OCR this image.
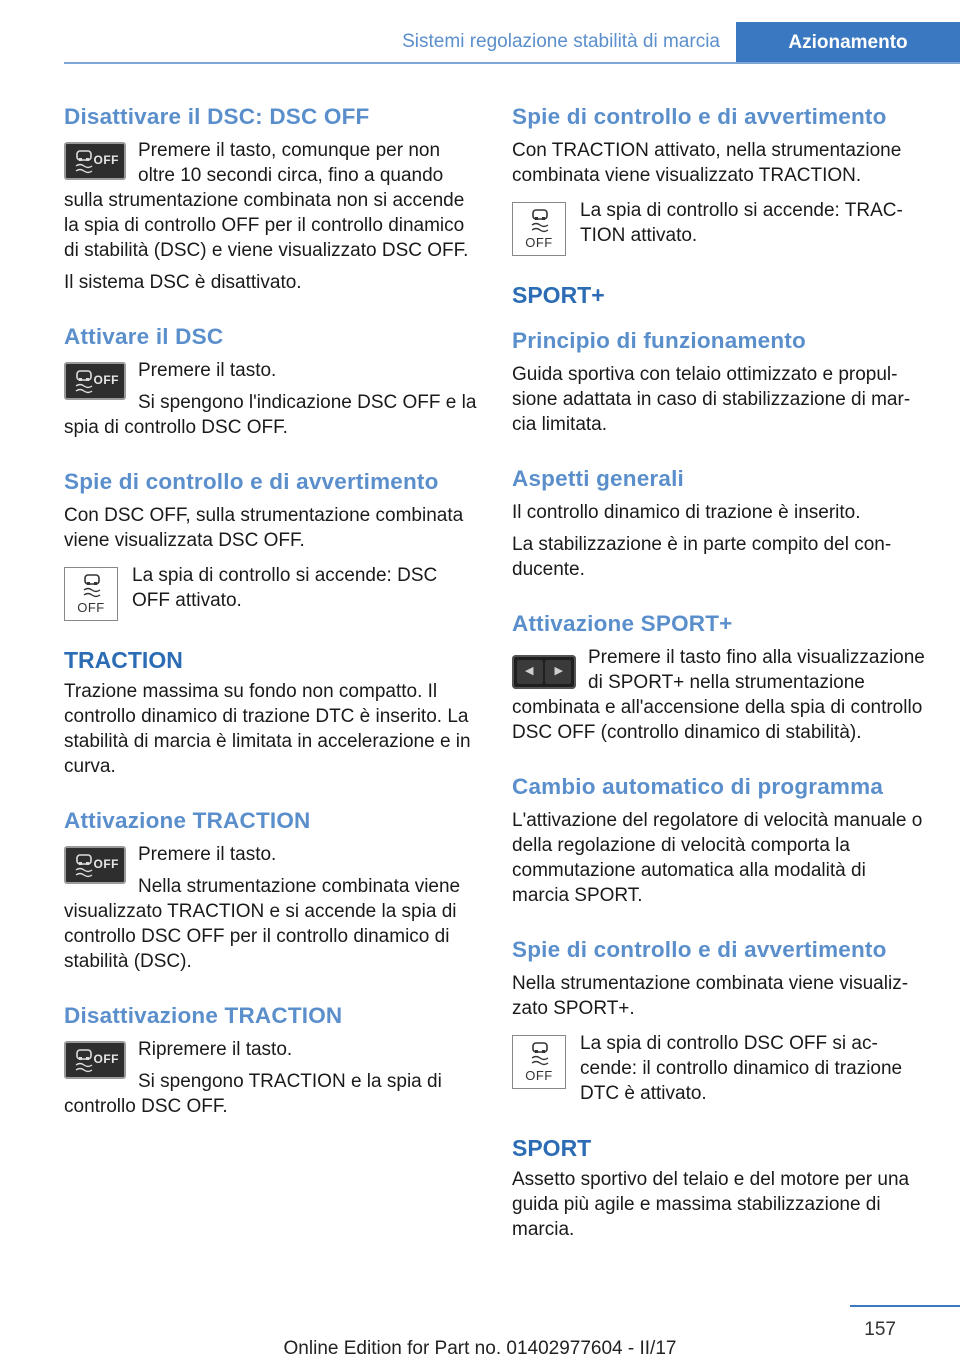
Sistemi regolazione stabilità di marcia	Azionamento
Disattivare il DSC: DSC OFF
OFF	Premere il tasto, comunque per non oltre 10 secondi circa, fino a quando sulla strumentazione combinata non si accende la spia di controllo OFF per il controllo dinamico di stabilità (DSC) e viene visualizzato DSC OFF.

Il sistema DSC è disattivato.

Attivare il DSC
OFF	Premere il tasto.

Si spengono l'indicazione DSC OFF e la spia di controllo DSC OFF.

Spie di controllo e di avvertimento

Con DSC OFF, sulla strumentazione combinata viene visualizzata DSC OFF.

OFF

La spia di controllo si accende: DSC OFF attivato.

TRACTION

Trazione massima su fondo non compatto. Il controllo dinamico di trazione DTC è inserito. La stabilità di marcia è limitata in accelerazione e in curva.

Attivazione TRACTION
OFF	Premere il tasto.

Nella strumentazione combinata viene visualizzato TRACTION e si accende la spia di controllo DSC OFF per il controllo dinamico di stabilità (DSC).

Disattivazione TRACTION
OFF	Ripremere il tasto.

Si spengono TRACTION e la spia di controllo DSC OFF.

Spie di controllo e di avvertimento

Con TRACTION attivato, nella strumentazione combinata viene visualizzato TRACTION.

OFF

La spia di controllo si accende: TRACTION attivato.

SPORT+
Principio di funzionamento

Guida sportiva con telaio ottimizzato e propulsione adattata in caso di stabilizzazione di marcia limitata.

Aspetti generali

Il controllo dinamico di trazione è inserito.

La stabilizzazione è in parte compito del conducente.

Attivazione SPORT+
◀ ▶

Premere il tasto fino alla visualizzazione di SPORT+ nella strumentazione combinata e all'accensione della spia di controllo DSC OFF (controllo dinamico di stabilità).

Cambio automatico di programma

L'attivazione del regolatore di velocità manuale o della regolazione di velocità comporta la commutazione automatica alla modalità di marcia SPORT.

Spie di controllo e di avvertimento

Nella strumentazione combinata viene visualizzato SPORT+.

OFF

La spia di controllo DSC OFF si accende: il controllo dinamico di trazione DTC è attivato.

SPORT

Assetto sportivo del telaio e del motore per una guida più agile e massima stabilizzazione di marcia.

157
Online Edition for Part no. 01402977604 - II/17
